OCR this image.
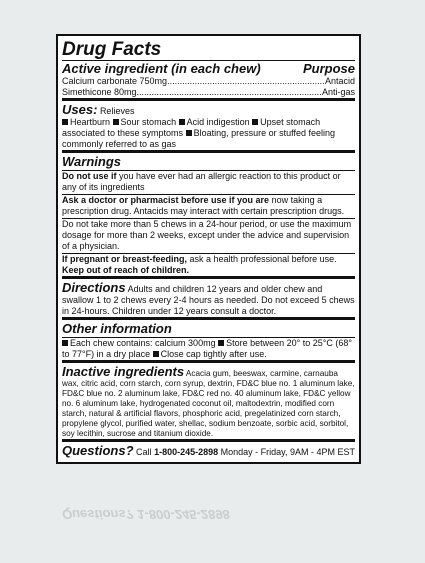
Drug Facts
Active ingredient (in each chew)	Purpose
Calcium carbonate 750mg .....	Antacid
Simethicone 80mg .....	Anti-gas
Uses: Relieves
Heartburn Sour stomach Acid indigestion Upset stomach associated to these symptoms Bloating, pressure or stuffed feeling commonly referred to as gas
Warnings
Do not use if you have ever had an allergic reaction to this product or any of its ingredients
Ask a doctor or pharmacist before use if you are now taking a prescription drug. Antacids may interact with certain prescription drugs.
Do not take more than 5 chews in a 24-hour period, or use the maximum dosage for more than 2 weeks, except under the advice and supervision of a physician.
If pregnant or breast-feeding, ask a health professional before use.
Keep out of reach of children.
Directions Adults and children 12 years and older chew and swallow 1 to 2 chews every 2-4 hours as needed. Do not exceed 5 chews in 24-hours. Children under 12 years consult a doctor.
Other information
Each chew contains: calcium 300mg Store between 20° to 25°C (68° to 77°F) in a dry place Close cap tightly after use.
Inactive ingredients Acacia gum, beeswax, carmine, carnauba wax, citric acid, corn starch, corn syrup, dextrin, FD&C blue no. 1 aluminum lake, FD&C blue no. 2 aluminum lake, FD&C red no. 40 aluminum lake, FD&C yellow no. 6 aluminum lake, hydrogenated coconut oil, maltodextrin, modified corn starch, natural & artificial flavors, phosphoric acid, pregelatinized corn starch, propylene glycol, purified water, shellac, sodium benzoate, sorbic acid, sorbitol, soy lecithin, sucrose and titanium dioxide.
Questions? Call 1-800-245-2898 Monday - Friday, 9AM - 4PM EST
Questions? 1-800-245-2898
